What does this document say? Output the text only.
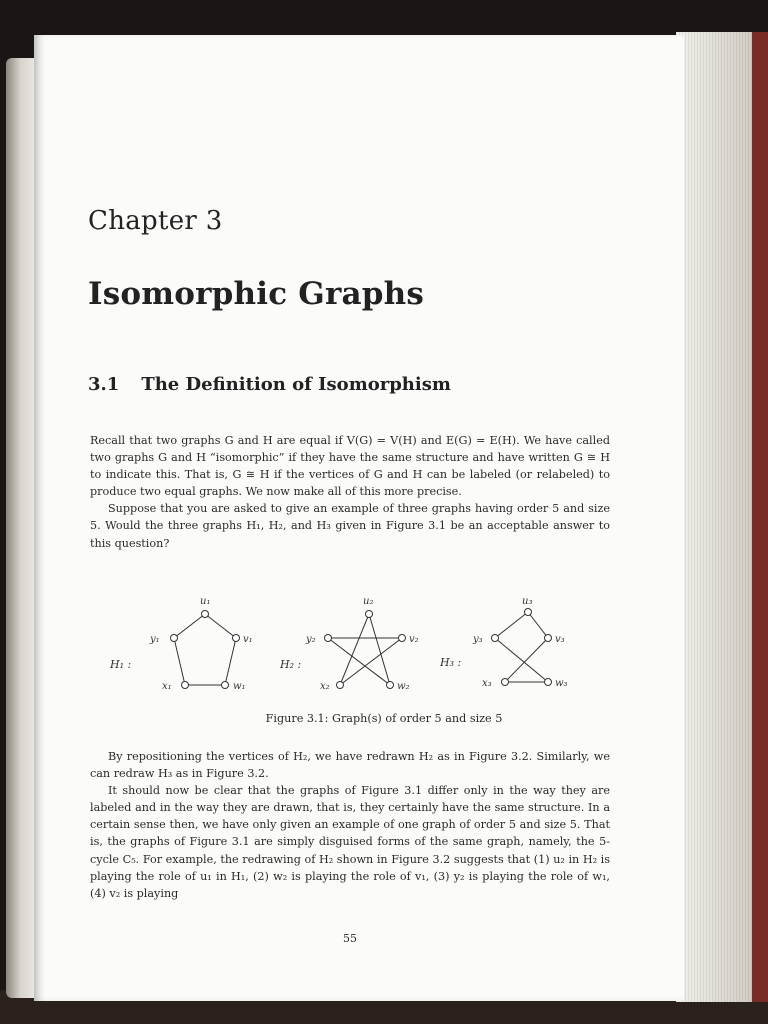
Chapter 3
Isomorphic Graphs
3.1 The Definition of Isomorphism

Recall that two graphs G and H are equal if V(G) = V(H) and E(G) = E(H). We have called two graphs G and H “isomorphic” if they have the same structure and have written G ≅ H to indicate this. That is, G ≅ H if the vertices of G and H can be labeled (or relabeled) to produce two equal graphs. We now make all of this more precise.

Suppose that you are asked to give an example of three graphs having order 5 and size 5. Would the three graphs H₁, H₂, and H₃ given in Figure 3.1 be an acceptable answer to this question?

H₁ :
u₁
v₁
w₁
x₁
y₁
H₂ :
u₂
v₂
w₂
x₂
y₂
H₃ :
u₃
v₃
w₃
x₃
y₃

Figure 3.1: Graph(s) of order 5 and size 5

By repositioning the vertices of H₂, we have redrawn H₂ as in Figure 3.2. Similarly, we can redraw H₃ as in Figure 3.2.

It should now be clear that the graphs of Figure 3.1 differ only in the way they are labeled and in the way they are drawn, that is, they certainly have the same structure. In a certain sense then, we have only given an example of one graph of order 5 and size 5. That is, the graphs of Figure 3.1 are simply disguised forms of the same graph, namely, the 5-cycle C₅. For example, the redrawing of H₂ shown in Figure 3.2 suggests that (1) u₂ in H₂ is playing the role of u₁ in H₁, (2) w₂ is playing the role of v₁, (3) y₂ is playing the role of w₁, (4) v₂ is playing

55
